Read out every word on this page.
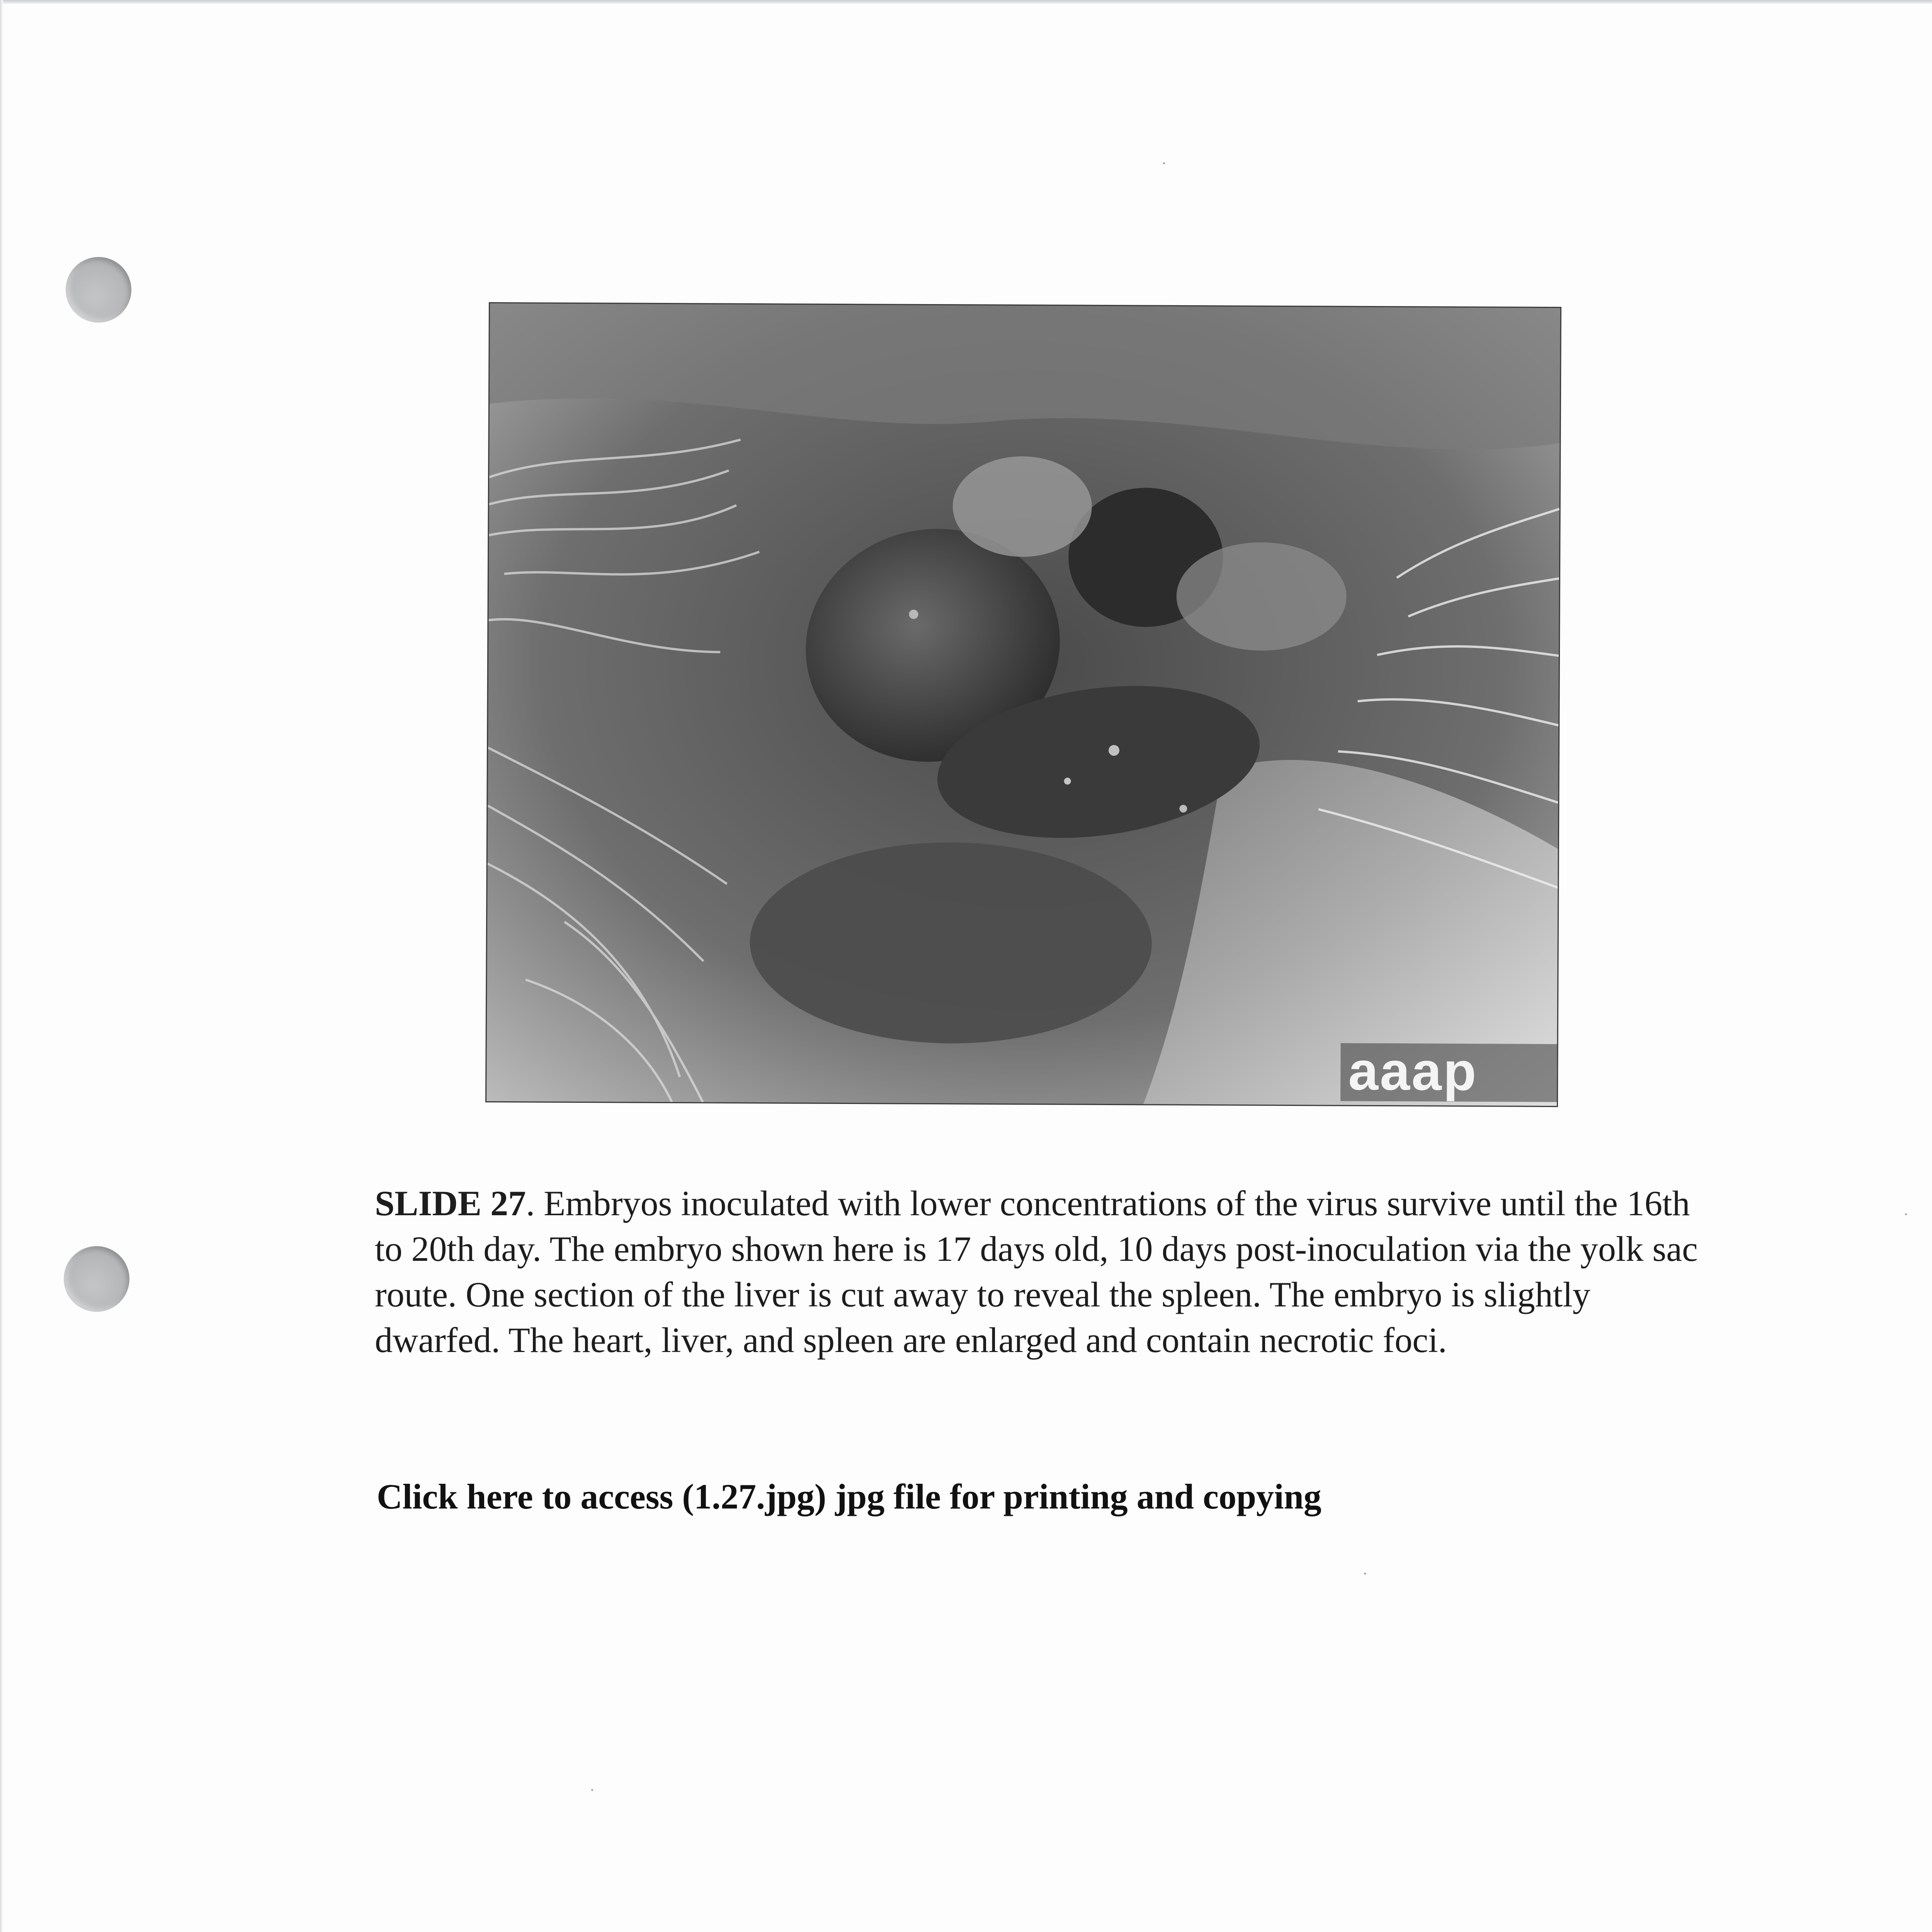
aaap

SLIDE 27. Embryos inoculated with lower concentrations of the virus survive until the 16th to 20th day. The embryo shown here is 17 days old, 10 days post-inoculation via the yolk sac route. One section of the liver is cut away to reveal the spleen. The embryo is slightly dwarfed. The heart, liver, and spleen are enlarged and contain necrotic foci.

Click here to access (1.27.jpg) jpg file for printing and copying
